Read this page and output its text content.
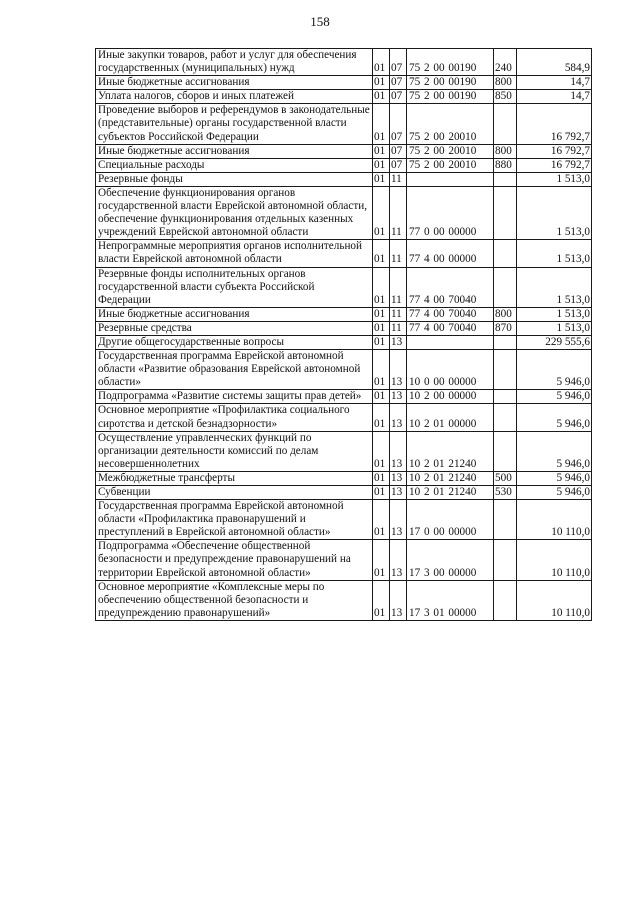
158
Иные закупки товаров, работ и услуг для обеспечения государственных (муниципальных) нужд	01	07	75 2 00 00190	240	584,9
Иные бюджетные ассигнования	01	07	75 2 00 00190	800	14,7
Уплата налогов, сборов и иных платежей	01	07	75 2 00 00190	850	14,7
Проведение выборов и референдумов в законодательные (представительные) органы государственной власти субъектов Российской Федерации	01	07	75 2 00 20010		16 792,7
Иные бюджетные ассигнования	01	07	75 2 00 20010	800	16 792,7
Специальные расходы	01	07	75 2 00 20010	880	16 792,7
Резервные фонды	01	11			1 513,0
Обеспечение функционирования органов государственной власти Еврейской автономной области, обеспечение функционирования отдельных казенных учреждений Еврейской автономной области	01	11	77 0 00 00000		1 513,0
Непрограммные мероприятия органов исполнительной власти Еврейской автономной области	01	11	77 4 00 00000		1 513,0
Резервные фонды исполнительных органов государственной власти субъекта Российской Федерации	01	11	77 4 00 70040		1 513,0
Иные бюджетные ассигнования	01	11	77 4 00 70040	800	1 513,0
Резервные средства	01	11	77 4 00 70040	870	1 513,0
Другие общегосударственные вопросы	01	13			229 555,6
Государственная программа Еврейской автономной области «Развитие образования Еврейской автономной области»	01	13	10 0 00 00000		5 946,0
Подпрограмма «Развитие системы защиты прав детей»	01	13	10 2 00 00000		5 946,0
Основное мероприятие «Профилактика социального сиротства и детской безнадзорности»	01	13	10 2 01 00000		5 946,0
Осуществление управленческих функций по организации деятельности комиссий по делам несовершеннолетних	01	13	10 2 01 21240		5 946,0
Межбюджетные трансферты	01	13	10 2 01 21240	500	5 946,0
Субвенции	01	13	10 2 01 21240	530	5 946,0
Государственная программа Еврейской автономной области «Профилактика правонарушений и преступлений в Еврейской автономной области»	01	13	17 0 00 00000		10 110,0
Подпрограмма «Обеспечение общественной безопасности и предупреждение правонарушений на территории Еврейской автономной области»	01	13	17 3 00 00000		10 110,0
Основное мероприятие «Комплексные меры по обеспечению общественной безопасности и предупреждению правонарушений»	01	13	17 3 01 00000		10 110,0
